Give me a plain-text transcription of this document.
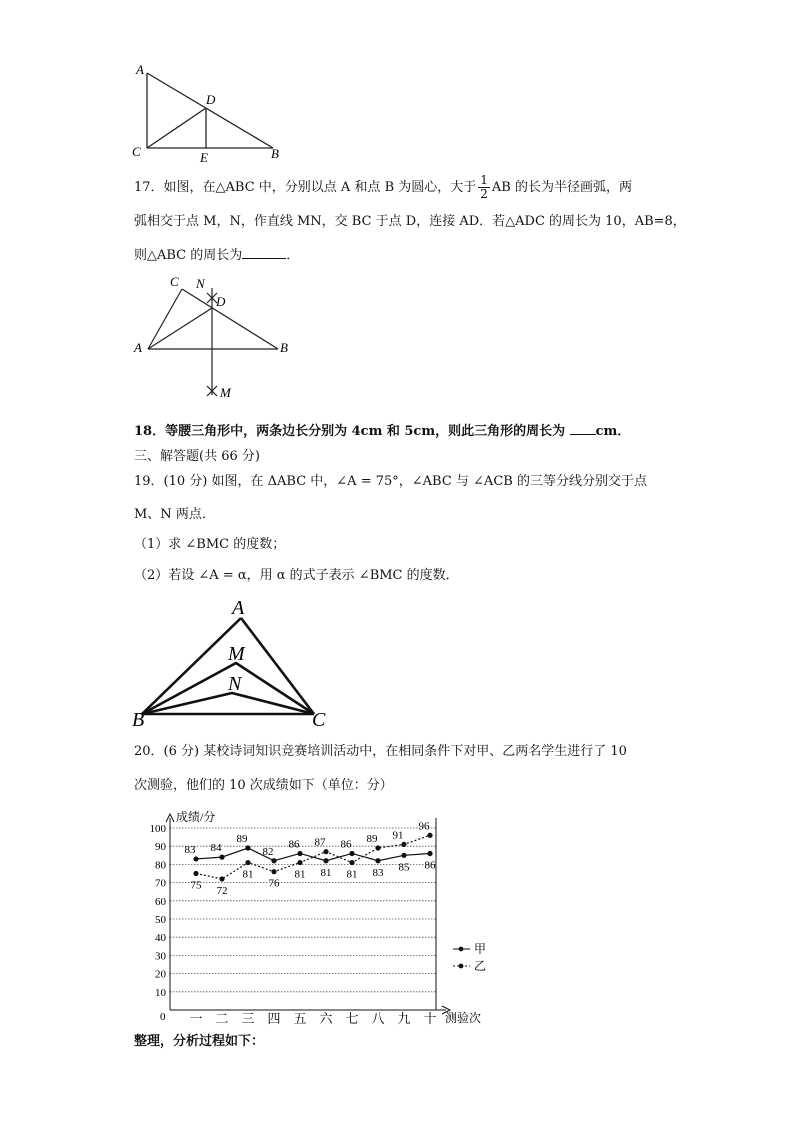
A
D
C	E	B
17．如图，在△ABC 中，分别以点 A 和点 B 为圆心，大于 $\frac{1}{2}$ AB 的长为半径画弧，两
弧相交于点 M，N，作直线 MN，交 BC 于点 D，连接 AD．若△ADC 的周长为 10，AB=8，
则△ABC 的周长为	．
C N
D
A	B
M
18．等腰三角形中，两条边长分别为 4cm 和 5cm，则此三角形的周长为 cm．
三、解答题(共 66 分)
19．(10 分) 如图，在 ΔABC 中，∠A = 75°，∠ABC 与 ∠ACB 的三等分线分别交于点
M、N 两点．
（1）求 ∠BMC 的度数；
（2）若设 ∠A = α，用 α 的式子表示 ∠BMC 的度数．
A
M
N
B	C
20．(6 分) 某校诗词知识竞赛培训活动中，在相同条件下对甲、乙两名学生进行了 10
次测验，他们的 10 次成绩如下（单位：分）
成绩/分
测验次
0
10
20
30
40
50
60
70
80
90
100
一 二 三 四 五 六 七 八 九 十
83 84
89
82
86 87 86 89 91
96
75 72
81
76
81 81 81 83 85 86
甲
乙
整理，分析过程如下：
